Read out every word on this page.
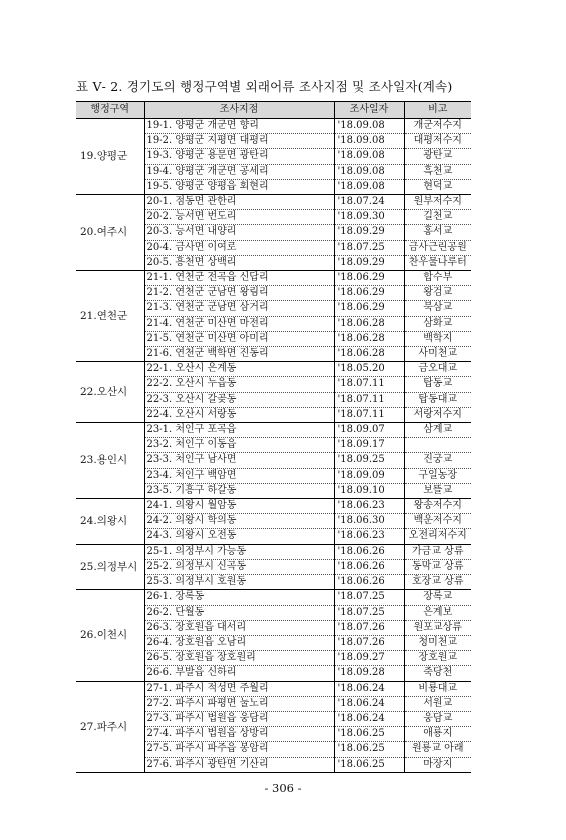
표 Ⅴ- 2. 경기도의 행정구역별 외래어류 조사지점 및 조사일자(계속)
행정구역	조사지점	조사일자	비고
19.양평군	19-1. 양평군 개군면 향리	'18.09.08	개군저수지
	19-2. 양평군 지평면 대평리	'18.09.08	대평저수지
	19-3. 양평군 용문면 광탄리	'18.09.08	광탄교
	19-4. 양평군 개군면 공세리	'18.09.08	흑천교
	19-5. 양평군 양평읍 회현리	'18.09.08	현덕교
20.여주시	20-1. 점동면 관한리	'18.07.24	원부저수지
	20-2. 능서면 번도리	'18.09.30	길천교
	20-3. 능서면 내양리	'18.09.29	홍서교
	20-4. 금사면 이여로	'18.07.25	금사근린공원
	20-5. 흥천면 상백리	'18.09.29	찬우물나루터
21.연천군	21-1. 연천군 전곡읍 신답리	'18.06.29	합수부
	21-2. 연천군 군남면 왕림리	'18.06.29	왕검교
	21-3. 연천군 군남면 삼거리	'18.06.29	북삼교
	21-4. 연천군 미산면 마전리	'18.06.28	삼화교
	21-5. 연천군 미산면 아미리	'18.06.28	백학지
	21-6. 연천군 백학면 진동리	'18.06.28	사미천교
22.오산시	22-1. 오산시 은계동	'18.05.20	금오대교
	22-2. 오산시 누읍동	'18.07.11	탑동교
	22-3. 오산시 갈곶동	'18.07.11	탑동대교
	22-4. 오산시 서랑동	'18.07.11	서랑저수지
23.용인시	23-1. 처인구 포곡읍	'18.09.07	삼계교
	23-2. 처인구 이동읍	'18.09.17	
	23-3. 처인구 남사면	'18.09.25	진궁교
	23-4. 처인구 백암면	'18.09.09	구일농장
	23-5. 기흥구 하갈동	'18.09.10	보뜰교
24.의왕시	24-1. 의왕시 월암동	'18.06.23	왕송저수지
	24-2. 의왕시 학의동	'18.06.30	백운저수지
	24-3. 의왕시 오전동	'18.06.23	오전리저수지
25.의정부시	25-1. 의정부시 가능동	'18.06.26	가금교 상류
	25-2. 의정부시 신곡동	'18.06.26	동막교 상류
	25-3. 의정부시 호원동	'18.06.26	호장교 상류
26.이천시	26-1. 장록동	'18.07.25	장록교
	26-2. 단월동	'18.07.25	은계보
	26-3. 장호원읍 대서리	'18.07.26	원포교상류
	26-4. 장호원읍 오남리	'18.07.26	청미천교
	26-5. 장호원읍 장호원리	'18.09.27	장호원교
	26-6. 부발읍 신하리	'18.09.28	죽당천
27.파주시	27-1. 파주시 적성면 주월리	'18.06.24	비룡대교
	27-2. 파주시 파평면 눌노리	'18.06.24	서원교
	27-3. 파주시 법원읍 웅담리	'18.06.24	웅담교
	27-4. 파주시 법원읍 상방리	'18.06.25	애룡지
	27-5. 파주시 파주읍 봉암리	'18.06.25	원룡교 아래
	27-6. 파주시 광탄면 기산리	'18.06.25	마장지
- 306 -
